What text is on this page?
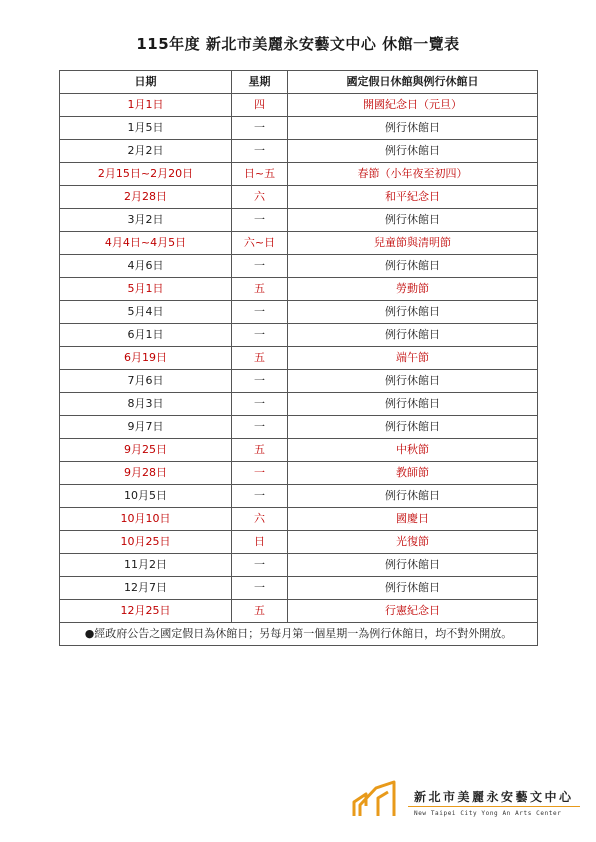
115年度 新北市美麗永安藝文中心 休館一覽表
日期	星期	國定假日休館與例行休館日
1月1日	四	開國紀念日（元旦）
1月5日	一	例行休館日
2月2日	一	例行休館日
2月15日~2月20日	日~五	春節（小年夜至初四）
2月28日	六	和平紀念日
3月2日	一	例行休館日
4月4日~4月5日	六~日	兒童節與清明節
4月6日	一	例行休館日
5月1日	五	勞動節
5月4日	一	例行休館日
6月1日	一	例行休館日
6月19日	五	端午節
7月6日	一	例行休館日
8月3日	一	例行休館日
9月7日	一	例行休館日
9月25日	五	中秋節
9月28日	一	教師節
10月5日	一	例行休館日
10月10日	六	國慶日
10月25日	日	光復節
11月2日	一	例行休館日
12月7日	一	例行休館日
12月25日	五	行憲紀念日
●經政府公告之國定假日為休館日；另每月第一個星期一為例行休館日，均不對外開放。		
新北市美麗永安藝文中心
New Taipei City Yong An Arts Center
